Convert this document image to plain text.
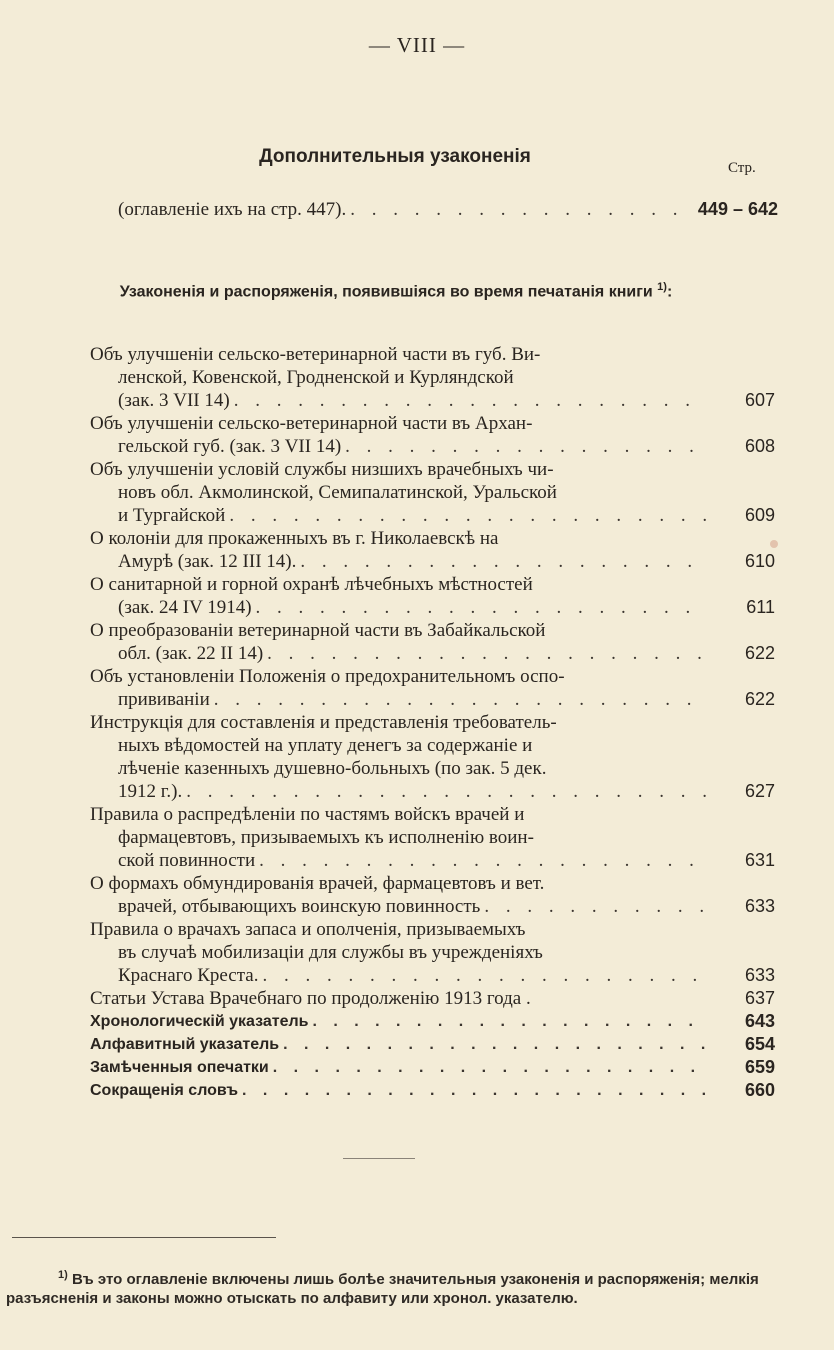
— VIII —
Дополнительныя узаконенія
Стр.
(оглавленіе ихъ на стр. 447). . . .	449 – 642
Узаконенія и распоряженія, появившіяся во время печатанія книги $^{1)}$:
Объ улучшеніи сельско-ветеринарной части въ губ. Ви-
ленской, Ковенской, Гродненской и Курляндской
(зак. 3 VII 14) . . .	607
Объ улучшеніи сельско-ветеринарной части въ Архан-
гельской губ. (зак. 3 VII 14) . . .	608
Объ улучшеніи условій службы низшихъ врачебныхъ чи-
новъ обл. Акмолинской, Семипалатинской, Уральской
и Тургайской . . .	609
О колоніи для прокаженныхъ въ г. Николаевскѣ на
Амурѣ (зак. 12 III 14). . . .	610
О санитарной и горной охранѣ лѣчебныхъ мѣстностей
(зак. 24 IV 1914) . . .	611
О преобразованіи ветеринарной части въ Забайкальской
обл. (зак. 22 II 14) . . .	622
Объ установленіи Положенія о предохранительномъ оспо-
прививаніи . . .	622
Инструкція для составленія и представленія требователь-
ныхъ вѣдомостей на уплату денегъ за содержаніе и
лѣченіе казенныхъ душевно-больныхъ (по зак. 5 дек.
1912 г.). . . .	627
Правила о распредѣленіи по частямъ войскъ врачей и
фармацевтовъ, призываемыхъ къ исполненію воин-
ской повинности . . .	631
О формахъ обмундированія врачей, фармацевтовъ и вет.
врачей, отбывающихъ воинскую повинность . . .	633
Правила о врачахъ запаса и ополченія, призываемыхъ
въ случаѣ мобилизаціи для службы въ учрежденіяхъ
Краснаго Креста. . . .	633
Статьи Устава Врачебнаго по продолженію 1913 года .	637
Хронологическій указатель . . .	643
Алфавитный указатель . . .	654
Замѣченныя опечатки . . .	659
Сокращенія словъ . . .	660
$^{1)}$ Въ это оглавленіе включены лишь болѣе значительныя узаконенія и распоряженія; мелкія разъясненія и законы можно отыскать по алфавиту или хронол. указателю.
